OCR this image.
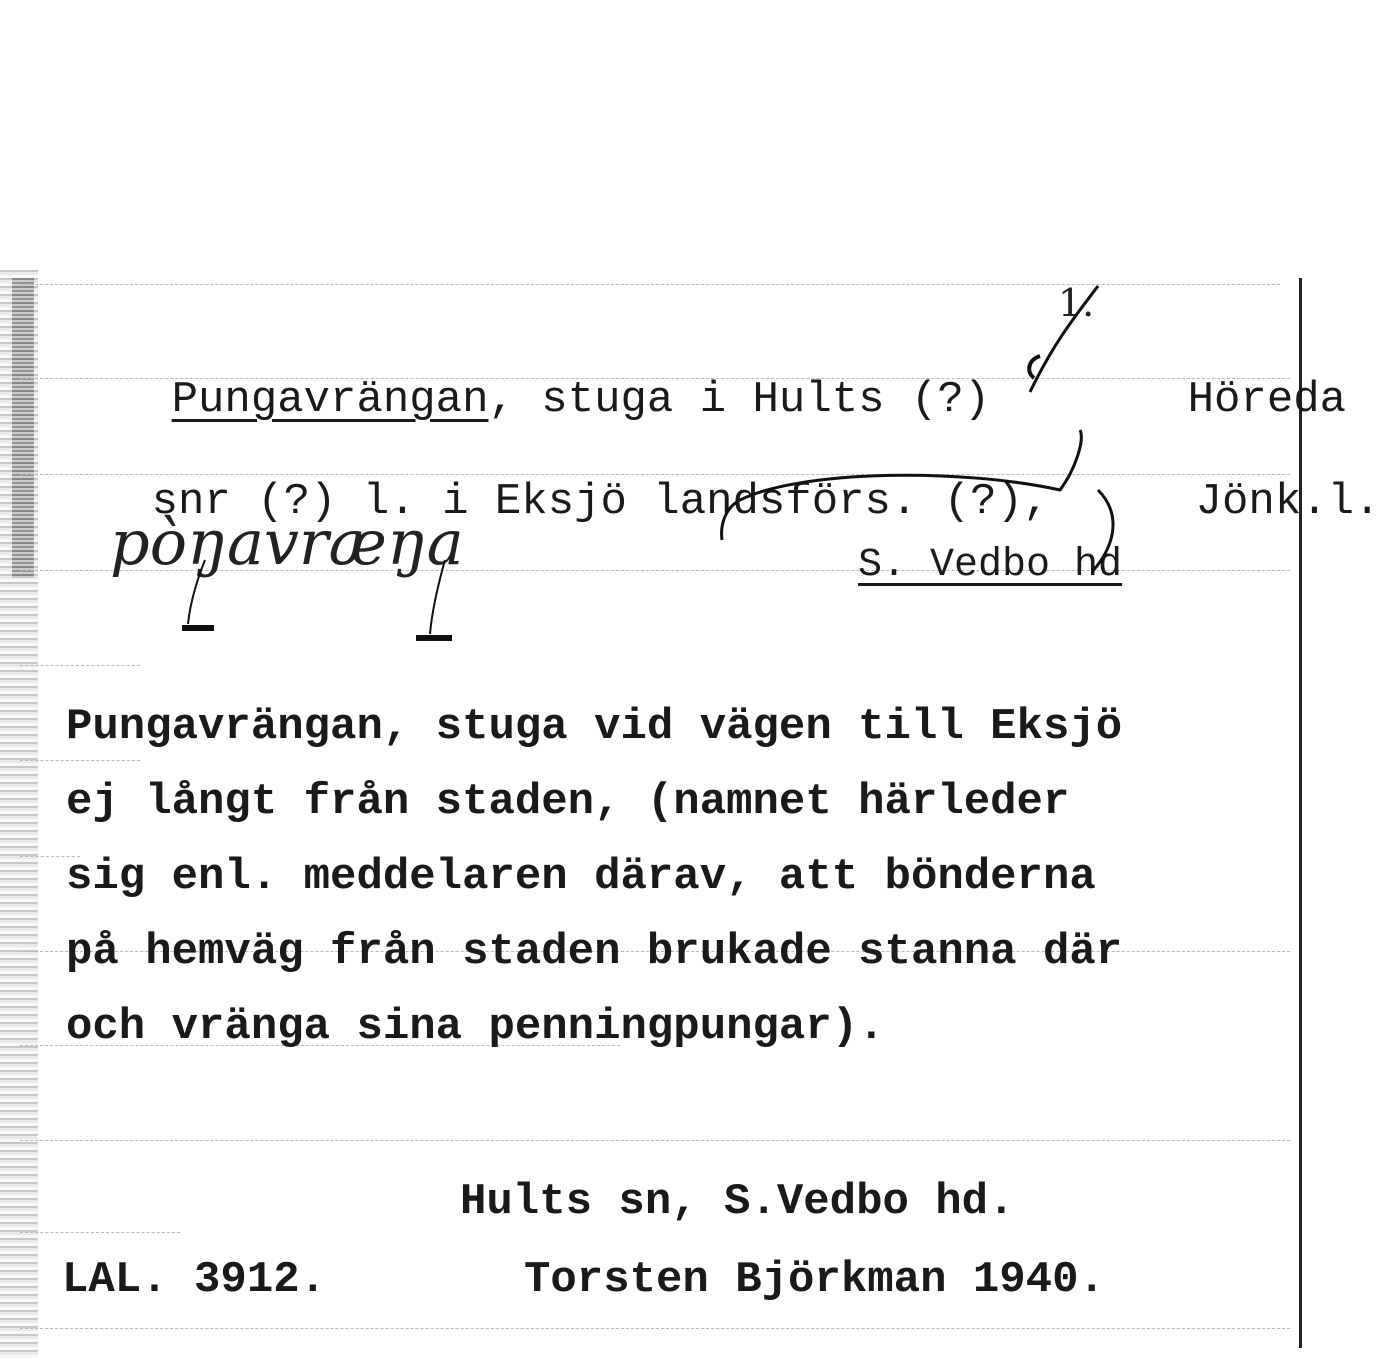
Pungavrängan, stuga i Hults (?)
	Höreda

1.

snr (?) l. i Eksjö landsförs. (?),
	Jönk.l.

S. Vedbo hd

pòŋavræŋa
Pungavrängan, stuga vid vägen till Eksjö
ej långt från staden, (namnet härleder
sig enl. meddelaren därav, att bönderna
på hemväg från staden brukade stanna där
och vränga sina penningpungar).
Hults sn, S.Vedbo hd.
LAL. 3912.	Torsten Björkman 1940.
